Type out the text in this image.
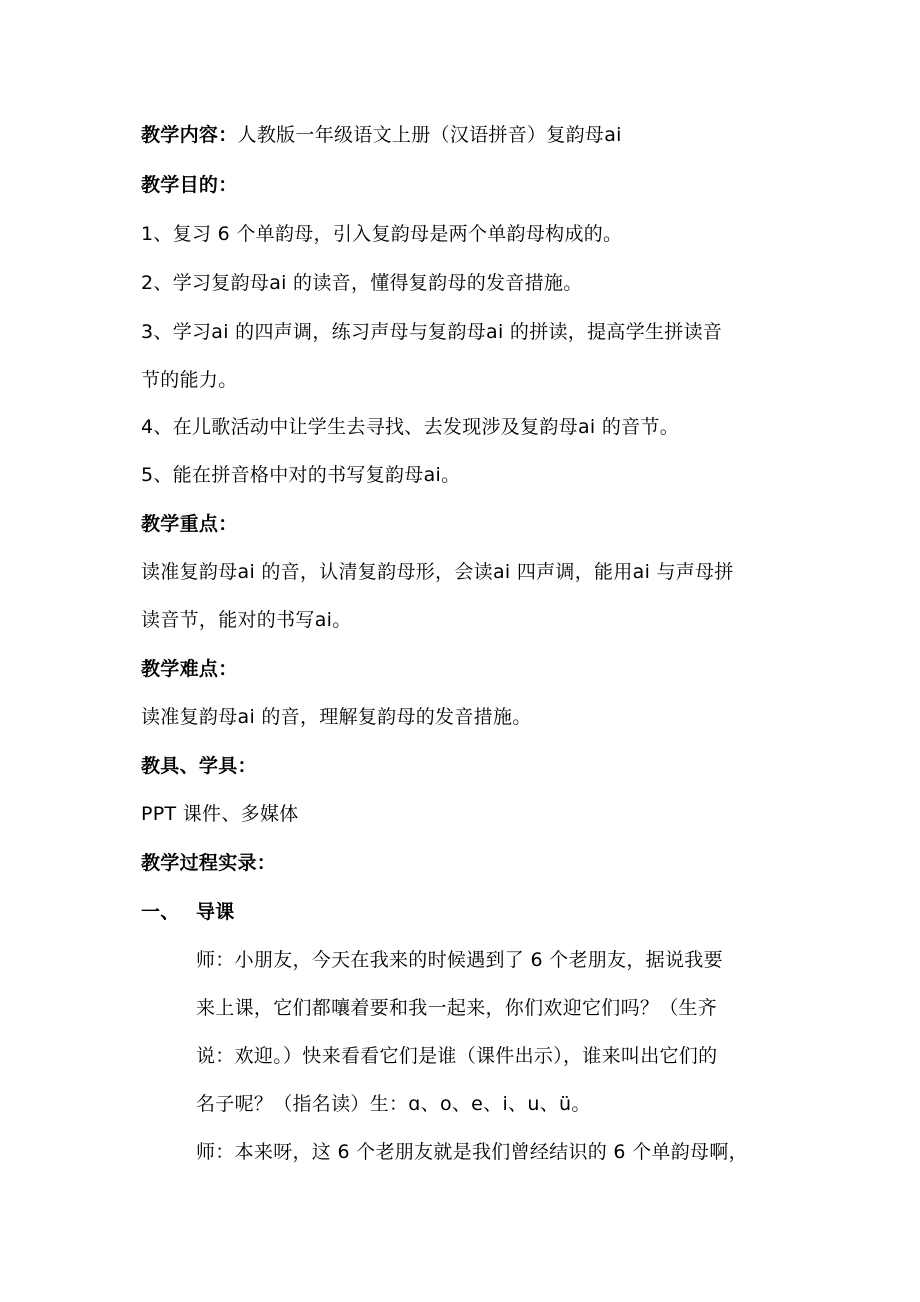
教学内容：人教版一年级语文上册（汉语拼音）复韵母ai
教学目的：
1、复习 6 个单韵母，引入复韵母是两个单韵母构成的。
2、学习复韵母ai 的读音，懂得复韵母的发音措施。
3、学习ai 的四声调，练习声母与复韵母ai 的拼读，提高学生拼读音
节的能力。
4、在儿歌活动中让学生去寻找、去发现涉及复韵母ai 的音节。
5、能在拼音格中对的书写复韵母ai。
教学重点：
读准复韵母ai 的音，认清复韵母形，会读ai 四声调，能用ai 与声母拼
读音节，能对的书写ai。
教学难点：
读准复韵母ai 的音，理解复韵母的发音措施。
教具、学具：
PPT 课件、多媒体
教学过程实录：
一、 导课
师：小朋友，今天在我来的时候遇到了 6 个老朋友，据说我要
来上课，它们都嚷着要和我一起来，你们欢迎它们吗？（生齐
说：欢迎。）快来看看它们是谁（课件出示），谁来叫出它们的
名子呢？（指名读）生：ɑ、o、e、i、u、ü。
师：本来呀，这 6 个老朋友就是我们曾经结识的 6 个单韵母啊，
